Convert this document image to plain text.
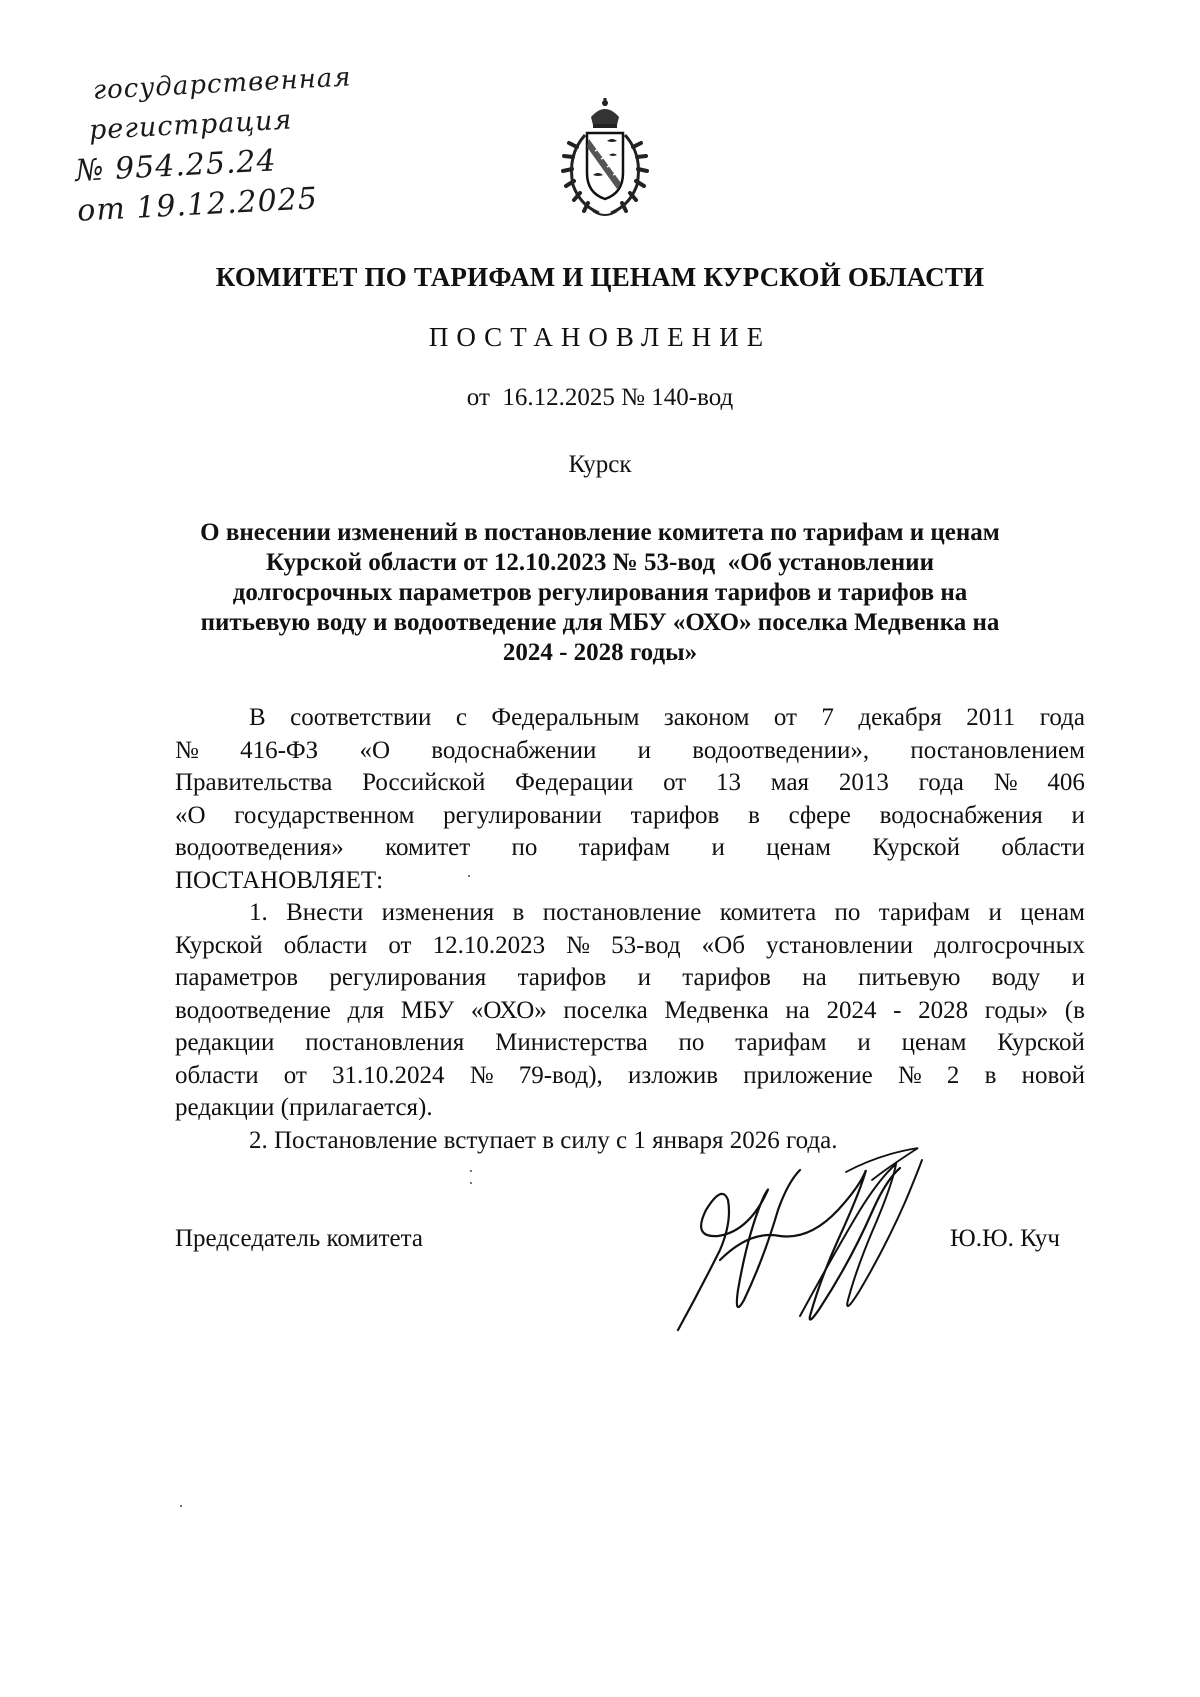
государственная
регистрация
№ 954.25.24
от 19.12.2025
КОМИТЕТ ПО ТАРИФАМ И ЦЕНАМ КУРСКОЙ ОБЛАСТИ
ПОСТАНОВЛЕНИЕ
от  16.12.2025 № 140-вод
Курск
О внесении изменений в постановление комитета по тарифам и ценам
Курской области от 12.10.2023 № 53-вод  «Об установлении
долгосрочных параметров регулирования тарифов и тарифов на
питьевую воду и водоотведение для МБУ «ОХО» поселка Медвенка на
2024 - 2028 годы»
В соответствии с Федеральным законом от 7 декабря 2011 года
№ 416-ФЗ «О водоснабжении и водоотведении», постановлением
Правительства Российской Федерации от 13 мая 2013 года № 406
«О государственном регулировании тарифов в сфере водоснабжения и
водоотведения» комитет по тарифам и ценам Курской области
ПОСТАНОВЛЯЕТ:
1. Внести изменения в постановление комитета по тарифам и ценам
Курской области от 12.10.2023 № 53-вод «Об установлении долгосрочных
параметров регулирования тарифов и тарифов на питьевую воду и
водоотведение для МБУ «ОХО» поселка Медвенка на 2024 - 2028 годы» (в
редакции постановления Министерства по тарифам и ценам Курской
области от 31.10.2024 № 79-вод), изложив приложение № 2 в новой
редакции (прилагается).
2. Постановление вступает в силу с 1 января 2026 года.
Председатель комитета	Ю.Ю. Куч
